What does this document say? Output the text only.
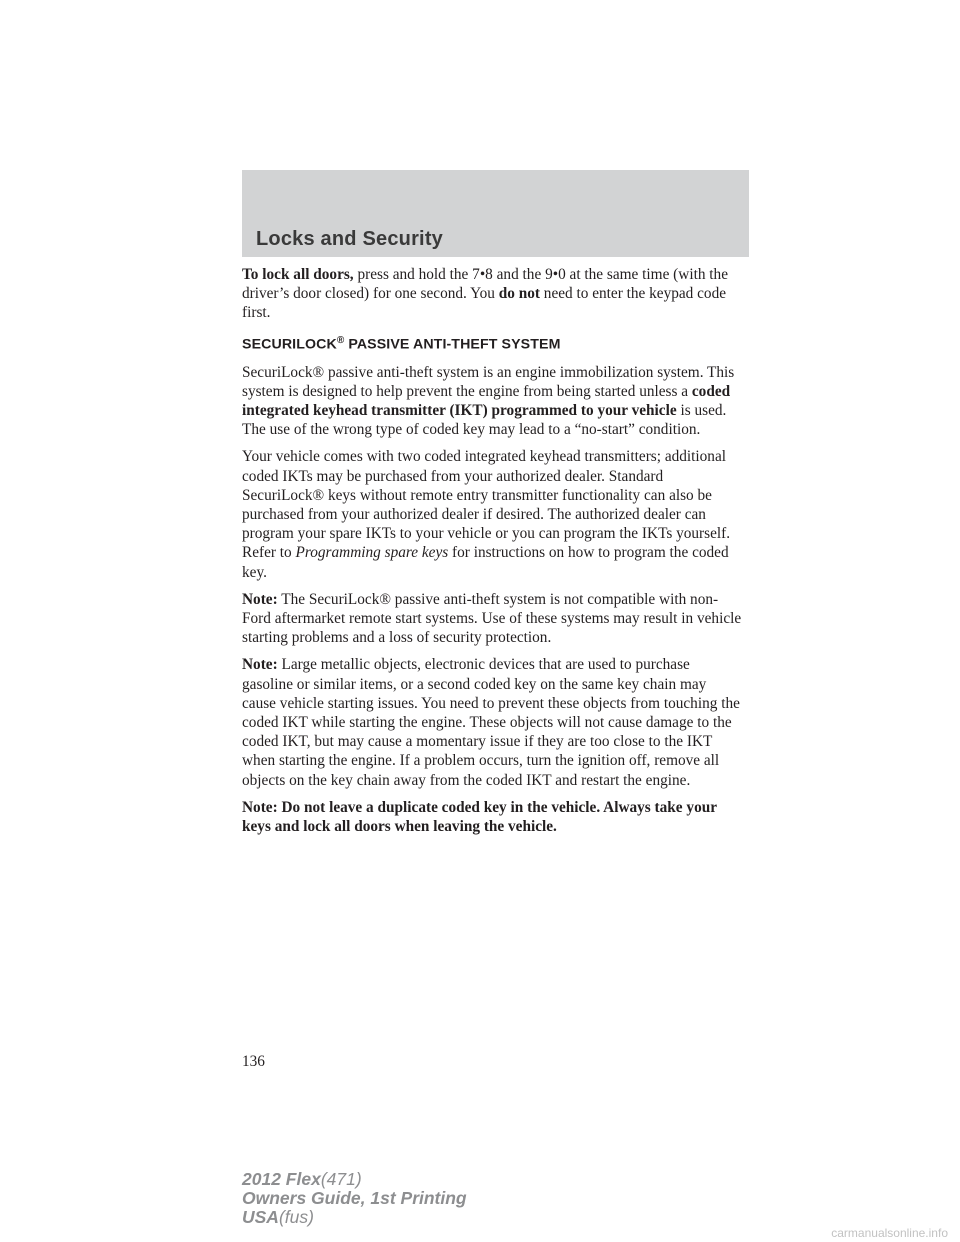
Locks and Security

To lock all doors, press and hold the 7•8 and the 9•0 at the same time (with the driver’s door closed) for one second. You do not need to enter the keypad code first.

SECURILOCK® PASSIVE ANTI-THEFT SYSTEM

SecuriLock® passive anti-theft system is an engine immobilization system. This system is designed to help prevent the engine from being started unless a coded integrated keyhead transmitter (IKT) programmed to your vehicle is used. The use of the wrong type of coded key may lead to a “no-start” condition.

Your vehicle comes with two coded integrated keyhead transmitters; additional coded IKTs may be purchased from your authorized dealer. Standard SecuriLock® keys without remote entry transmitter functionality can also be purchased from your authorized dealer if desired. The authorized dealer can program your spare IKTs to your vehicle or you can program the IKTs yourself. Refer to Programming spare keys for instructions on how to program the coded key.

Note: The SecuriLock® passive anti-theft system is not compatible with non-Ford aftermarket remote start systems. Use of these systems may result in vehicle starting problems and a loss of security protection.

Note: Large metallic objects, electronic devices that are used to purchase gasoline or similar items, or a second coded key on the same key chain may cause vehicle starting issues. You need to prevent these objects from touching the coded IKT while starting the engine. These objects will not cause damage to the coded IKT, but may cause a momentary issue if they are too close to the IKT when starting the engine. If a problem occurs, turn the ignition off, remove all objects on the key chain away from the coded IKT and restart the engine.

Note: Do not leave a duplicate coded key in the vehicle. Always take your keys and lock all doors when leaving the vehicle.

136
2012 Flex(471)
Owners Guide, 1st Printing
USA(fus)
carmanualsonline.info
